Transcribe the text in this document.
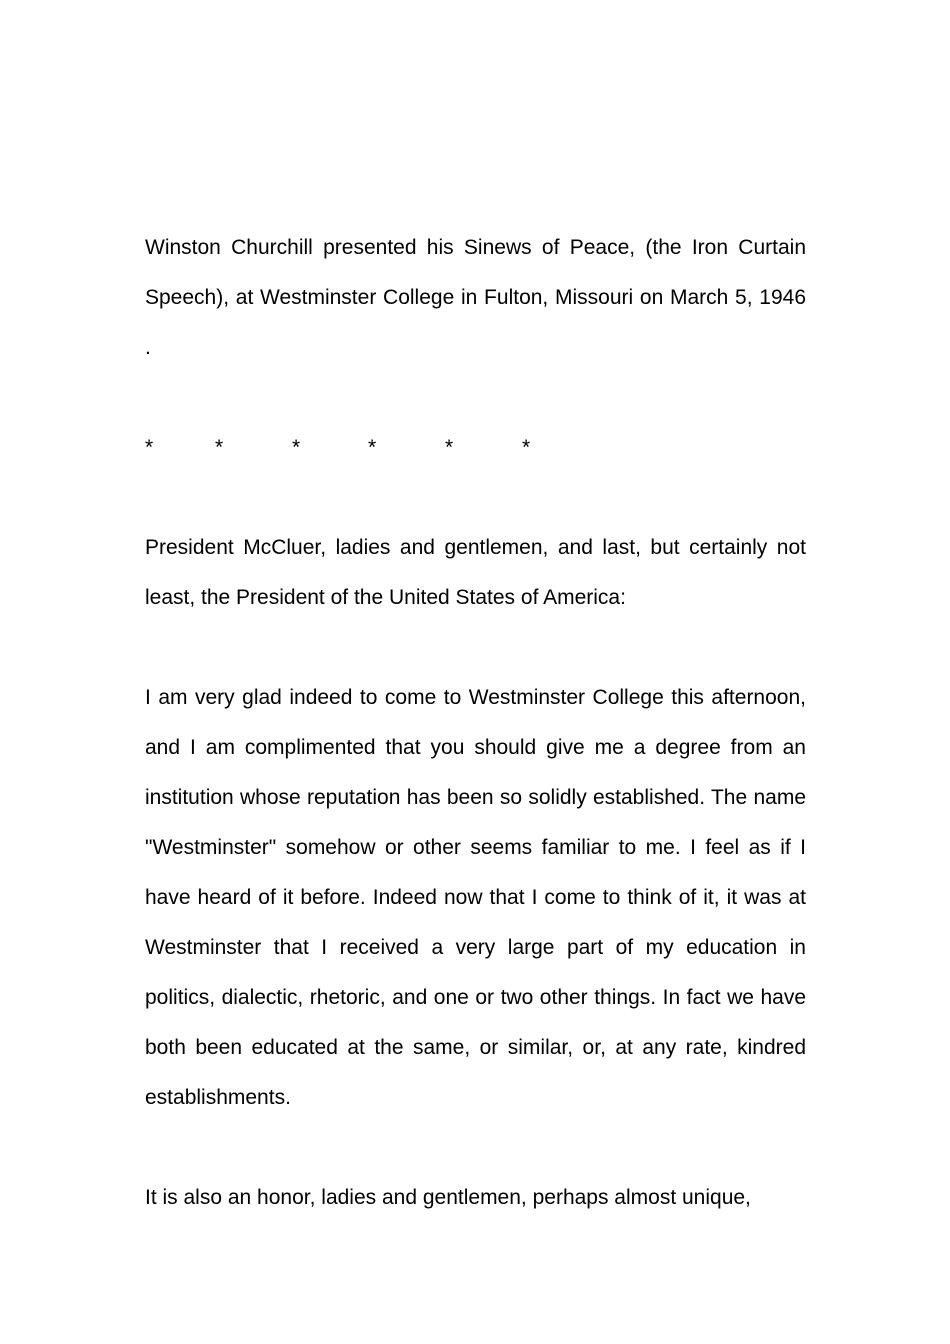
Winston Churchill presented his Sinews of Peace, (the Iron Curtain Speech), at Westminster College in Fulton, Missouri on March 5, 1946 .

*	*	*	*	*	*

President McCluer, ladies and gentlemen, and last, but certainly not least, the President of the United States of America:

I am very glad indeed to come to Westminster College this afternoon, and I am complimented that you should give me a degree from an institution whose reputation has been so solidly established. The name "Westminster" somehow or other seems familiar to me. I feel as if I have heard of it before. Indeed now that I come to think of it, it was at Westminster that I received a very large part of my education in politics, dialectic, rhetoric, and one or two other things. In fact we have both been educated at the same, or similar, or, at any rate, kindred establishments.

It is also an honor, ladies and gentlemen, perhaps almost unique,
